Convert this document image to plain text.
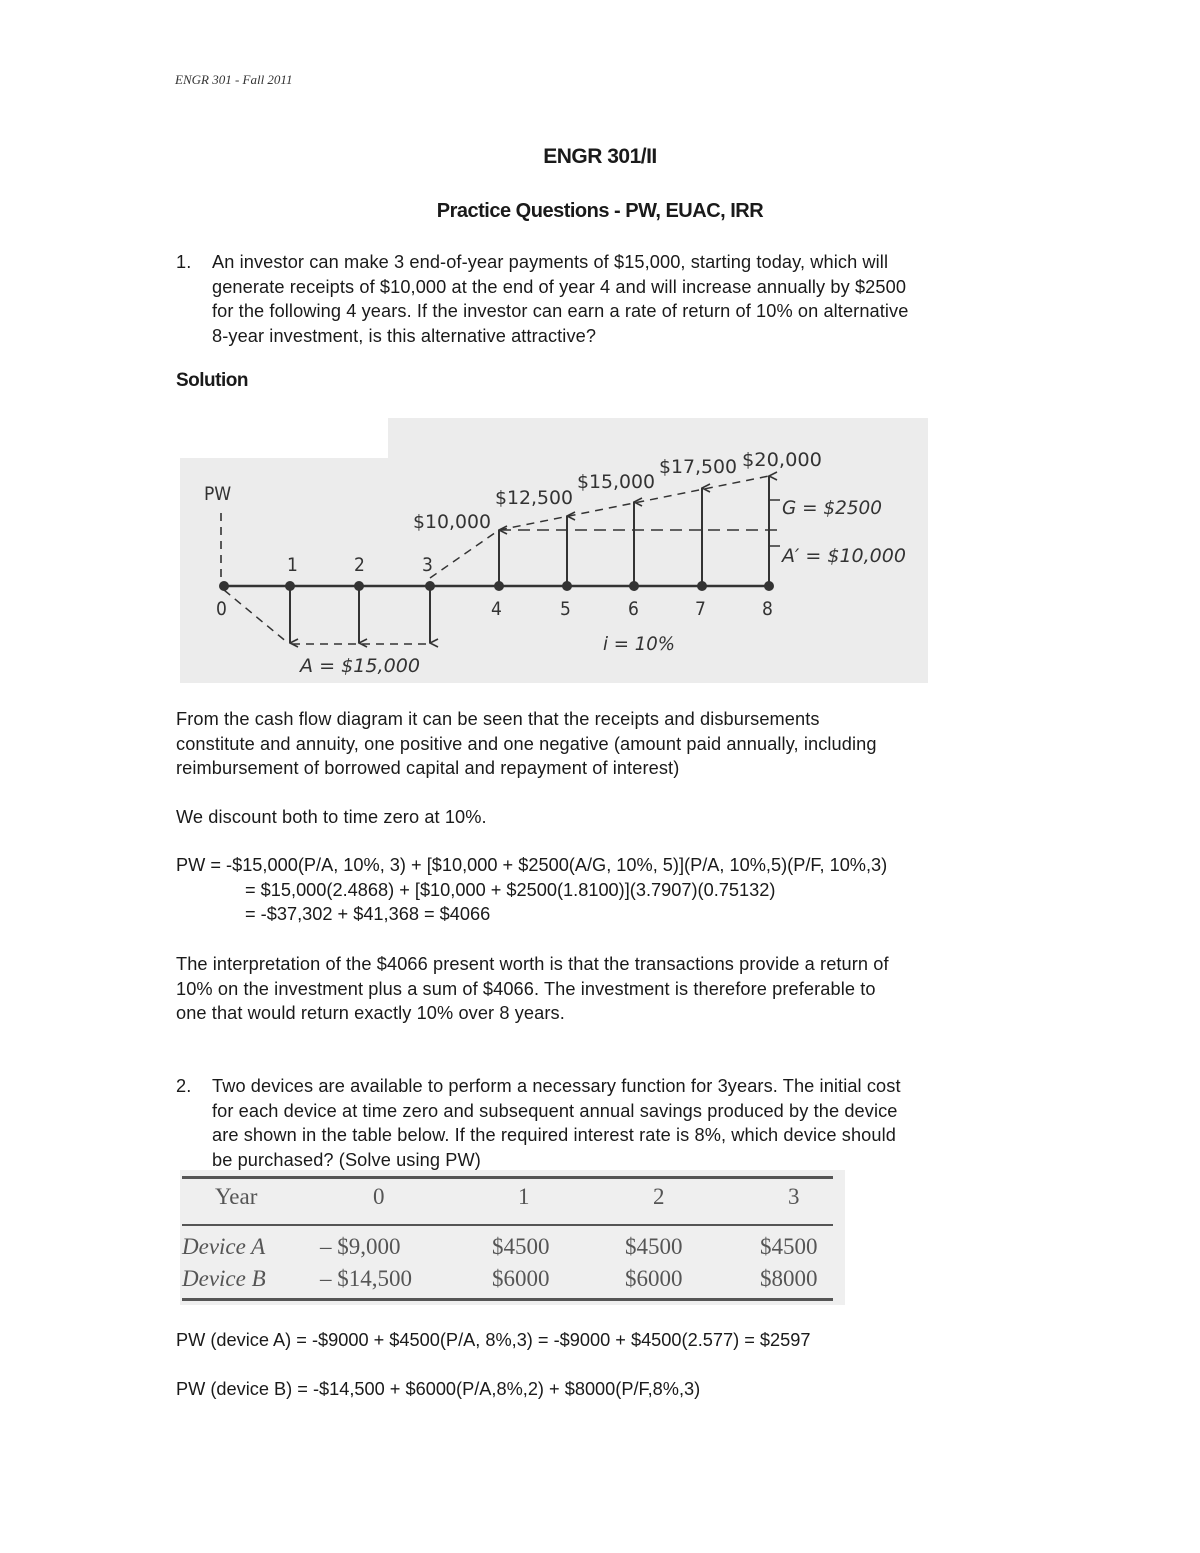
ENGR 301 - Fall 2011
ENGR 301/II
Practice Questions - PW, EUAC, IRR
1. An investor can make 3 end-of-year payments of $15,000, starting today, which will
generate receipts of $10,000 at the end of year 4 and will increase annually by $2500
for the following 4 years. If the investor can earn a rate of return of 10% on alternative
8-year investment, is this alternative attractive?
Solution
PW
0
1	2	3
4	5	6	7	8
$10,000
$12,500
$15,000
$17,500 $20,000
G = $2500
A′ = $10,000
A = $15,000
i = 10%
From the cash flow diagram it can be seen that the receipts and disbursements
constitute and annuity, one positive and one negative (amount paid annually, including
reimbursement of borrowed capital and repayment of interest)
We discount both to time zero at 10%.
PW = -$15,000(P/A, 10%, 3) + [$10,000 + $2500(A/G, 10%, 5)](P/A, 10%,5)(P/F, 10%,3)
= $15,000(2.4868) + [$10,000 + $2500(1.8100)](3.7907)(0.75132)
= -$37,302 + $41,368 = $4066
The interpretation of the $4066 present worth is that the transactions provide a return of
10% on the investment plus a sum of $4066. The investment is therefore preferable to
one that would return exactly 10% over 8 years.
2. Two devices are available to perform a necessary function for 3years. The initial cost
for each device at time zero and subsequent annual savings produced by the device
are shown in the table below. If the required interest rate is 8%, which device should
be purchased? (Solve using PW)
Year	0	1	2	3
Device A – $9,000	$4500	$4500	$4500
Device B – $14,500	$6000	$6000	$8000
PW (device A) = -$9000 + $4500(P/A, 8%,3) = -$9000 + $4500(2.577) = $2597
PW (device B) = -$14,500 + $6000(P/A,8%,2) + $8000(P/F,8%,3)
